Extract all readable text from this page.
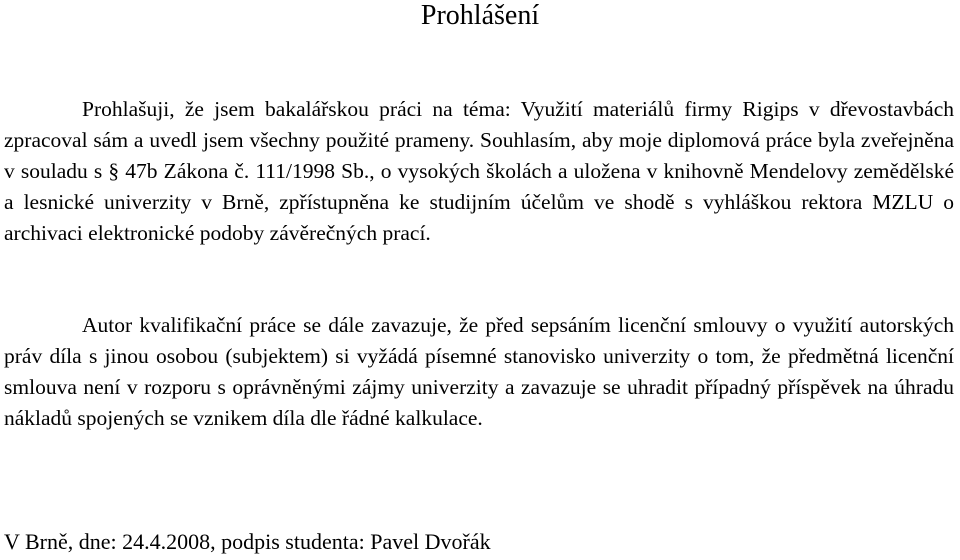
Prohlášení

Prohlašuji, že jsem bakalářskou práci na téma: Využití materiálů firmy Rigips v dřevostavbách zpracoval sám a uvedl jsem všechny použité prameny. Souhlasím, aby moje diplomová práce byla zveřejněna v souladu s § 47b Zákona č. 111/1998 Sb., o vysokých školách a uložena v knihovně Mendelovy zemědělské a lesnické univerzity v Brně, zpřístupněna ke studijním účelům ve shodě s vyhláškou rektora MZLU o archivaci elektronické podoby závěrečných prací.

Autor kvalifikační práce se dále zavazuje, že před sepsáním licenční smlouvy o využití autorských práv díla s jinou osobou (subjektem) si vyžádá písemné stanovisko univerzity o tom, že předmětná licenční smlouva není v rozporu s oprávněnými zájmy univerzity a zavazuje se uhradit případný příspěvek na úhradu nákladů spojených se vznikem díla dle řádné kalkulace.

V Brně, dne: 24.4.2008, podpis studenta: Pavel Dvořák
